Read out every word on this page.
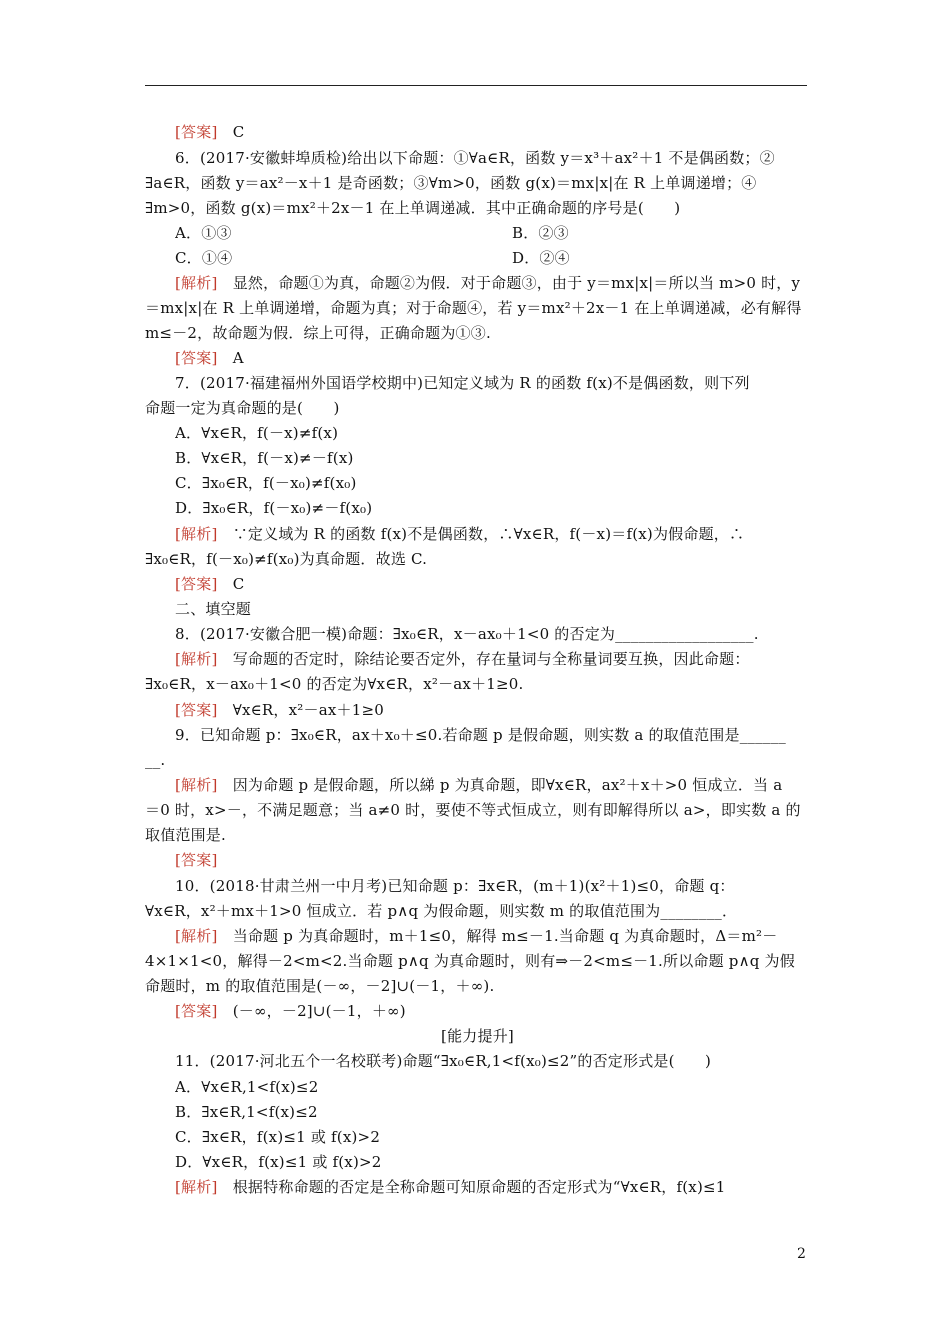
[答案]　C
6．(2017·安徽蚌埠质检)给出以下命题：①∀a∈R，函数 y＝x³＋ax²＋1 不是偶函数；②
∃a∈R，函数 y＝ax²－x＋1 是奇函数；③∀m>0，函数 g(x)＝mx|x|在 R 上单调递增；④
∃m>0，函数 g(x)＝mx²＋2x－1 在上单调递减．其中正确命题的序号是(　　)
A．①③	B．②③
C．①④	D．②④
[解析]　显然，命题①为真，命题②为假．对于命题③，由于 y＝mx|x|＝所以当 m>0 时，y
＝mx|x|在 R 上单调递增，命题为真；对于命题④，若 y＝mx²＋2x－1 在上单调递减，必有解得
m≤－2，故命题为假．综上可得，正确命题为①③.
[答案]　A
7．(2017·福建福州外国语学校期中)已知定义域为 R 的函数 f(x)不是偶函数，则下列
命题一定为真命题的是(　　)
A．∀x∈R，f(－x)≠f(x)
B．∀x∈R，f(－x)≠－f(x)
C．∃x₀∈R，f(－x₀)≠f(x₀)
D．∃x₀∈R，f(－x₀)≠－f(x₀)
[解析]　∵定义域为 R 的函数 f(x)不是偶函数，∴∀x∈R，f(－x)＝f(x)为假命题，∴
∃x₀∈R，f(－x₀)≠f(x₀)为真命题．故选 C.
[答案]　C
二、填空题
8．(2017·安徽合肥一模)命题：∃x₀∈R，x－ax₀＋1<0 的否定为__________________.
[解析]　写命题的否定时，除结论要否定外，存在量词与全称量词要互换，因此命题：
∃x₀∈R，x－ax₀＋1<0 的否定为∀x∈R，x²－ax＋1≥0.
[答案]　∀x∈R，x²－ax＋1≥0
9．已知命题 p：∃x₀∈R，ax＋x₀＋≤0.若命题 p 是假命题，则实数 a 的取值范围是______
__.
[解析]　因为命题 p 是假命题，所以綈 p 为真命题，即∀x∈R，ax²＋x＋>0 恒成立．当 a
＝0 时，x>－，不满足题意；当 a≠0 时，要使不等式恒成立，则有即解得所以 a>，即实数 a 的
取值范围是.
[答案]
10．(2018·甘肃兰州一中月考)已知命题 p：∃x∈R，(m＋1)(x²＋1)≤0，命题 q：
∀x∈R，x²＋mx＋1>0 恒成立．若 p∧q 为假命题，则实数 m 的取值范围为________．
[解析]　当命题 p 为真命题时，m＋1≤0，解得 m≤－1.当命题 q 为真命题时，Δ＝m²－
4×1×1<0，解得－2<m<2.当命题 p∧q 为真命题时，则有⇒－2<m≤－1.所以命题 p∧q 为假
命题时，m 的取值范围是(－∞，－2]∪(－1，＋∞).
[答案]　(－∞，－2]∪(－1，＋∞)
[能力提升]
11．(2017·河北五个一名校联考)命题“∃x₀∈R,1<f(x₀)≤2”的否定形式是(　　)
A．∀x∈R,1<f(x)≤2
B．∃x∈R,1<f(x)≤2
C．∃x∈R，f(x)≤1 或 f(x)>2
D．∀x∈R，f(x)≤1 或 f(x)>2
[解析]　根据特称命题的否定是全称命题可知原命题的否定形式为“∀x∈R，f(x)≤1
2
